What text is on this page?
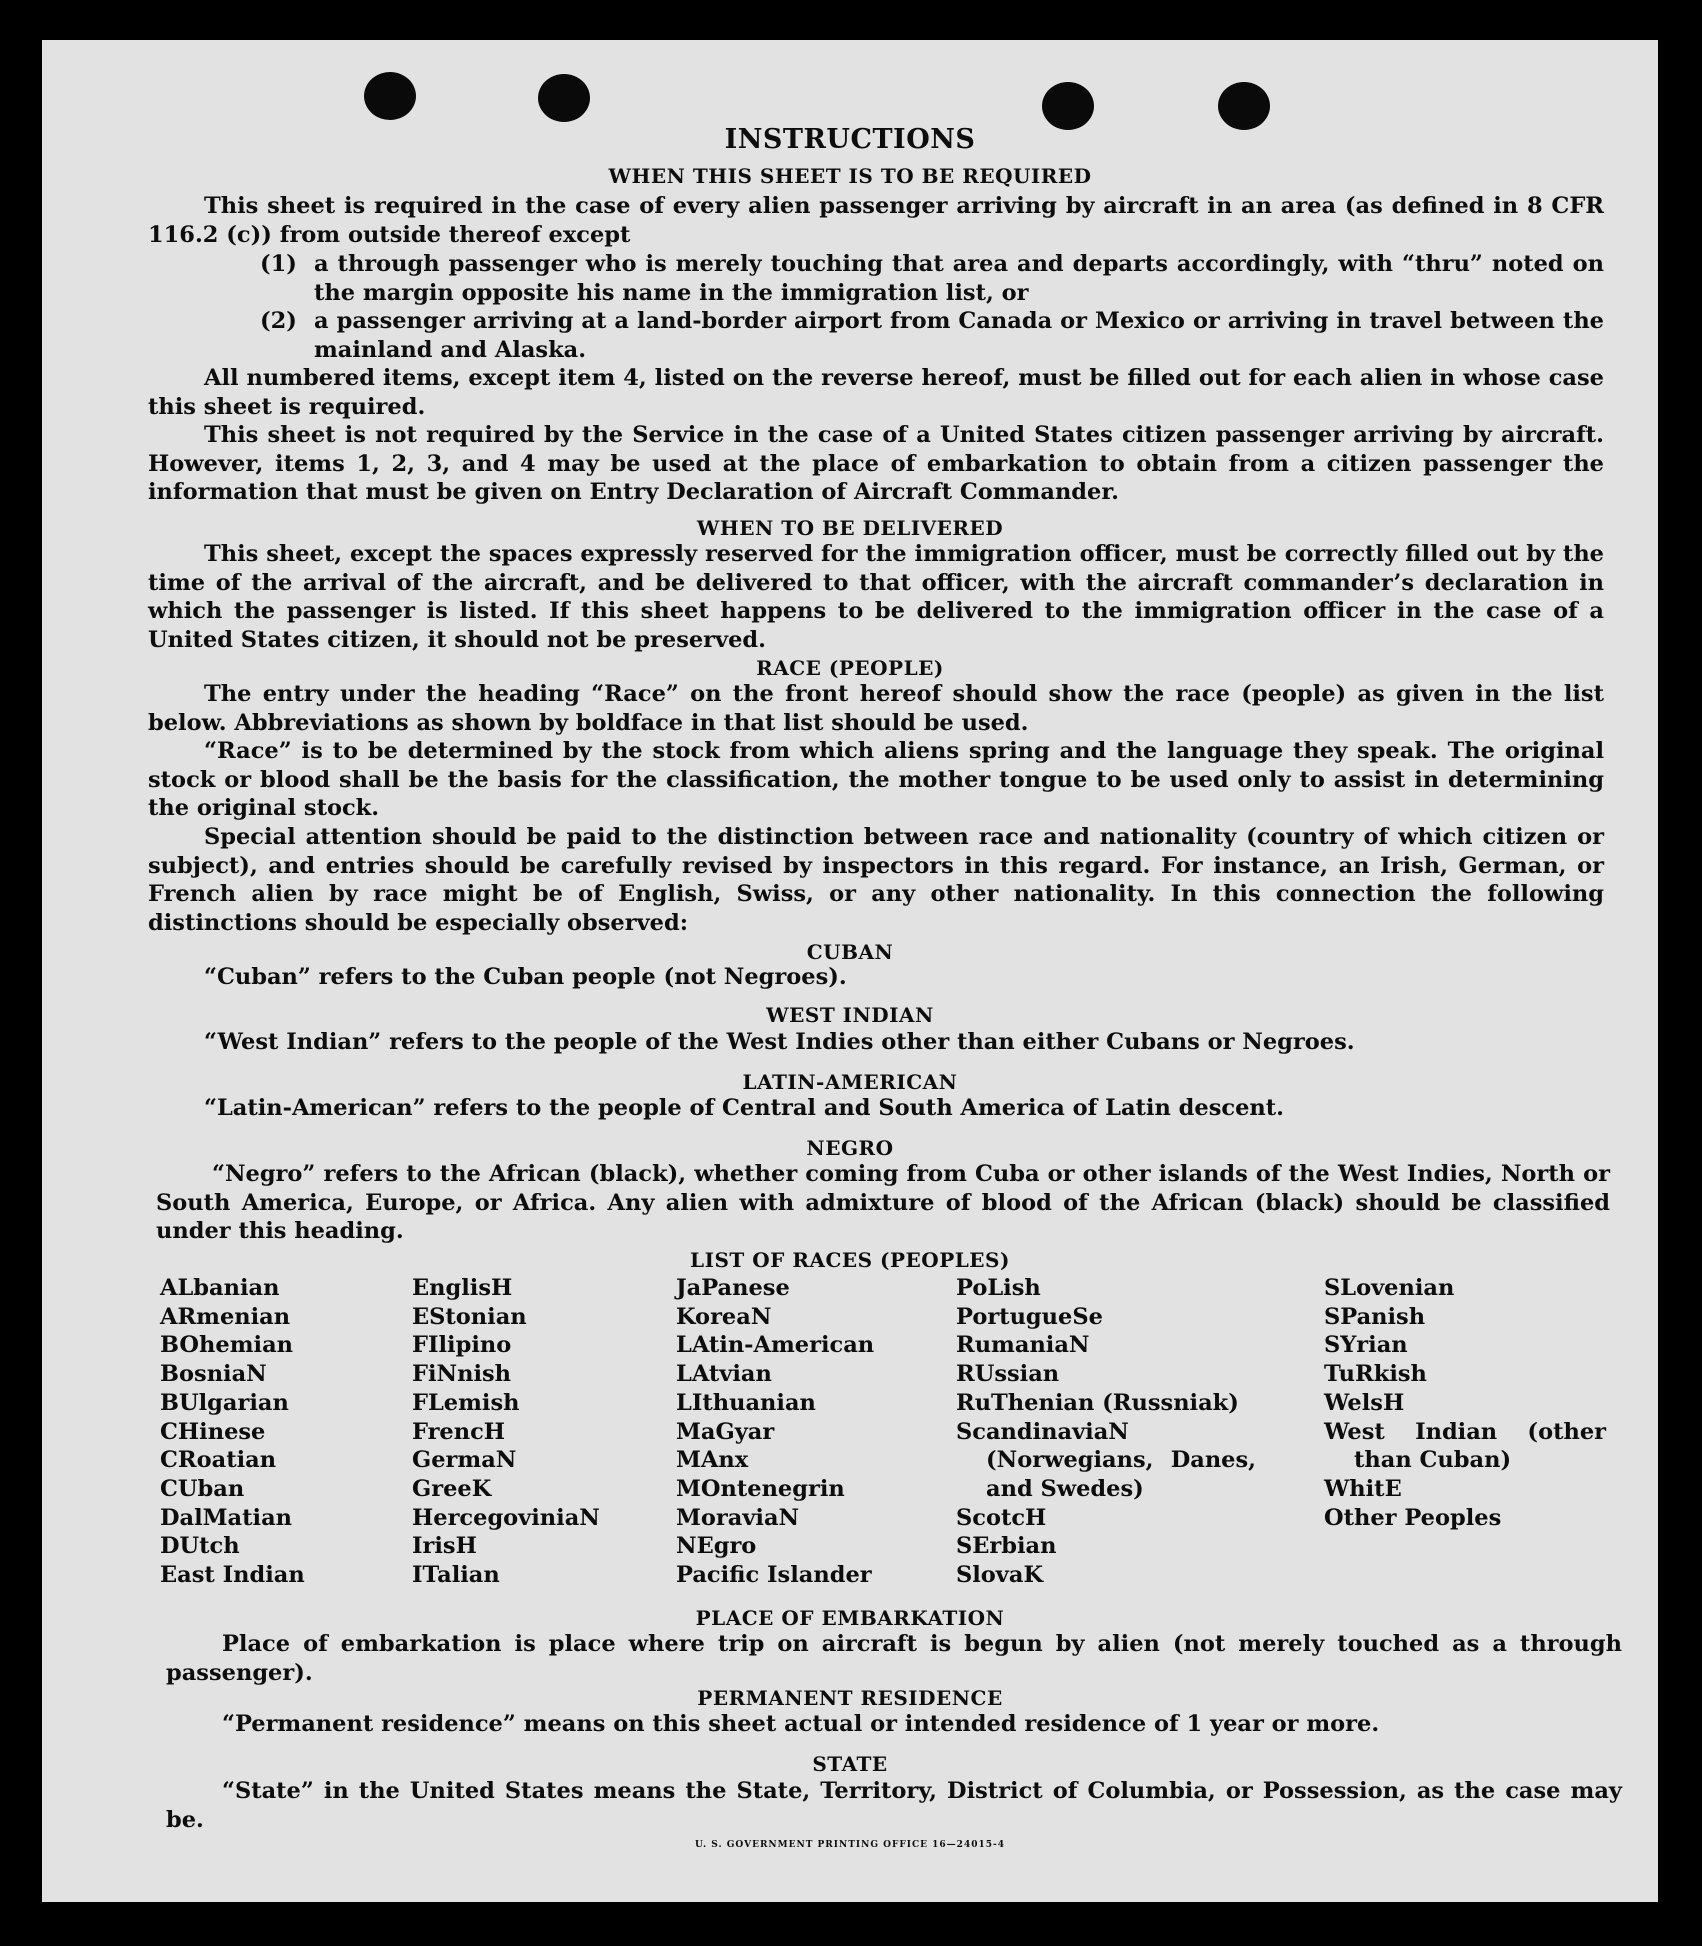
INSTRUCTIONS
WHEN THIS SHEET IS TO BE REQUIRED
This sheet is required in the case of every alien passenger arriving by aircraft in an area (as defined in 8 CFR 116.2 (c)) from outside thereof except
(1) a through passenger who is merely touching that area and departs accordingly, with “thru” noted on the margin opposite his name in the immigration list, or
(2) a passenger arriving at a land-border airport from Canada or Mexico or arriving in travel between the mainland and Alaska.
All numbered items, except item 4, listed on the reverse hereof, must be filled out for each alien in whose case this sheet is required.
This sheet is not required by the Service in the case of a United States citizen passenger arriving by aircraft. However, items 1, 2, 3, and 4 may be used at the place of embarkation to obtain from a citizen passenger the information that must be given on Entry Declaration of Aircraft Commander.
WHEN TO BE DELIVERED
This sheet, except the spaces expressly reserved for the immigration officer, must be correctly filled out by the time of the arrival of the aircraft, and be delivered to that officer, with the aircraft commander’s declaration in which the passenger is listed. If this sheet happens to be delivered to the immigration officer in the case of a United States citizen, it should not be preserved.
RACE (PEOPLE)
The entry under the heading “Race” on the front hereof should show the race (people) as given in the list below. Abbreviations as shown by boldface in that list should be used.
“Race” is to be determined by the stock from which aliens spring and the language they speak. The original stock or blood shall be the basis for the classification, the mother tongue to be used only to assist in determining the original stock.
Special attention should be paid to the distinction between race and nationality (country of which citizen or subject), and entries should be carefully revised by inspectors in this regard. For instance, an Irish, German, or French alien by race might be of English, Swiss, or any other nationality. In this connection the following distinctions should be especially observed:
CUBAN
“Cuban” refers to the Cuban people (not Negroes).
WEST INDIAN
“West Indian” refers to the people of the West Indies other than either Cubans or Negroes.
LATIN-AMERICAN
“Latin-American” refers to the people of Central and South America of Latin descent.
NEGRO
“Negro” refers to the African (black), whether coming from Cuba or other islands of the West Indies, North or South America, Europe, or Africa. Any alien with admixture of blood of the African (black) should be classified under this heading.
LIST OF RACES (PEOPLES)
ALbanian
ARmenian
BOhemian
BosniaN
BUlgarian
CHinese
CRoatian
CUban
DalMatian
DUtch
East Indian
EnglisH
EStonian
FIlipino
FiNnish
FLemish
FrencH
GermaN
GreeK
HercegoviniaN
IrisH
ITalian
JaPanese
KoreaN
LAtin-American
LAtvian
LIthuanian
MaGyar
MAnx
MOntenegrin
MoraviaN
NEgro
Pacific Islander
PoLish
PortugueSe
RumaniaN
RUssian
RuThenian (Russniak)
ScandinaviaN (Norwegians, Danes, and Swedes)
ScotcH
SErbian
SlovaK
SLovenian
SPanish
SYrian
TuRkish
WelsH
West Indian (other than Cuban)
WhitE
Other Peoples
PLACE OF EMBARKATION
Place of embarkation is place where trip on aircraft is begun by alien (not merely touched as a through passenger).
PERMANENT RESIDENCE
“Permanent residence” means on this sheet actual or intended residence of 1 year or more.
STATE
“State” in the United States means the State, Territory, District of Columbia, or Possession, as the case may be.
U. S. GOVERNMENT PRINTING OFFICE 16—24015-4
